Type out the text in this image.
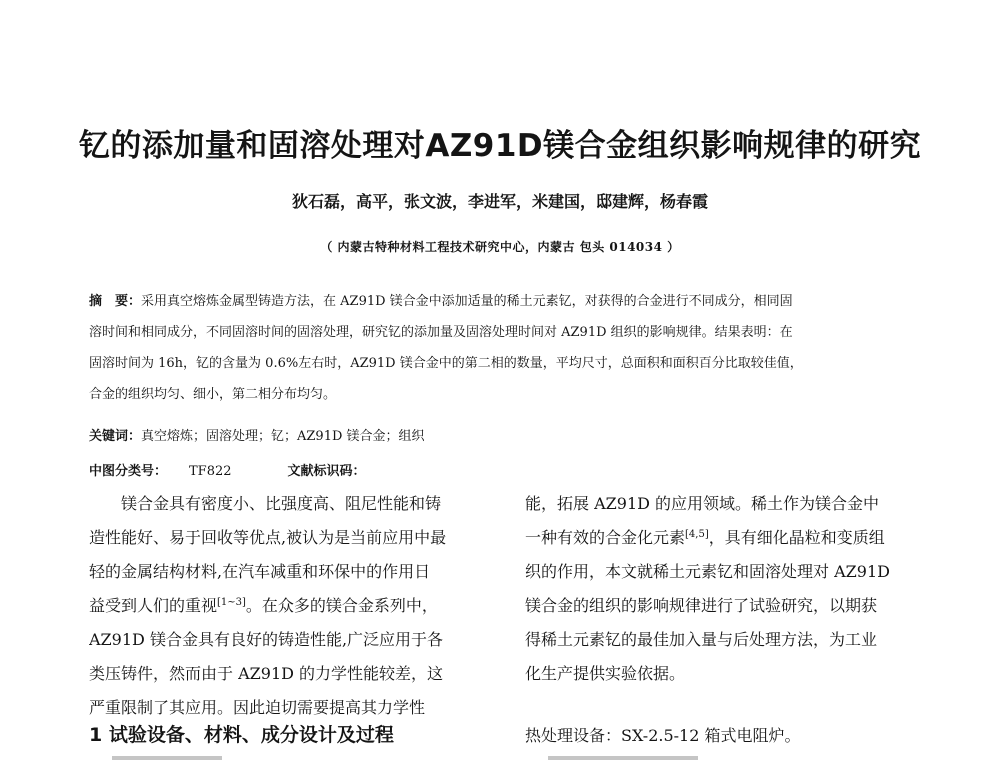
钇的添加量和固溶处理对AZ91D镁合金组织影响规律的研究
狄石磊，高平，张文波，李进军，米建国，邸建辉，杨春霞
（ 内蒙古特种材料工程技术研究中心，内蒙古 包头 014034 ）
摘　要：采用真空熔炼金属型铸造方法，在 AZ91D 镁合金中添加适量的稀土元素钇，对获得的合金进行不同成分，相同固
溶时间和相同成分，不同固溶时间的固溶处理，研究钇的添加量及固溶处理时间对 AZ91D 组织的影响规律。结果表明：在
固溶时间为 16h，钇的含量为 0.6%左右时，AZ91D 镁合金中的第二相的数量，平均尺寸，总面积和面积百分比取较佳值，
合金的组织均匀、细小，第二相分布均匀。
关键词：真空熔炼；固溶处理；钇；AZ91D 镁合金；组织
中图分类号： TF822	文献标识码：
镁合金具有密度小、比强度高、阻尼性能和铸
造性能好、易于回收等优点,被认为是当前应用中最
轻的金属结构材料,在汽车减重和环保中的作用日
益受到人们的重视[1~3]。在众多的镁合金系列中，
AZ91D 镁合金具有良好的铸造性能,广泛应用于各
类压铸件，然而由于 AZ91D 的力学性能较差，这
严重限制了其应用。因此迫切需要提高其力学性
能，拓展 AZ91D 的应用领域。稀土作为镁合金中
一种有效的合金化元素[4,5]，具有细化晶粒和变质组
织的作用，本文就稀土元素钇和固溶处理对 AZ91D
镁合金的组织的影响规律进行了试验研究，以期获
得稀土元素钇的最佳加入量与后处理方法，为工业
化生产提供实验依据。
1 试验设备、材料、成分设计及过程	热处理设备：SX-2.5-12 箱式电阻炉。
